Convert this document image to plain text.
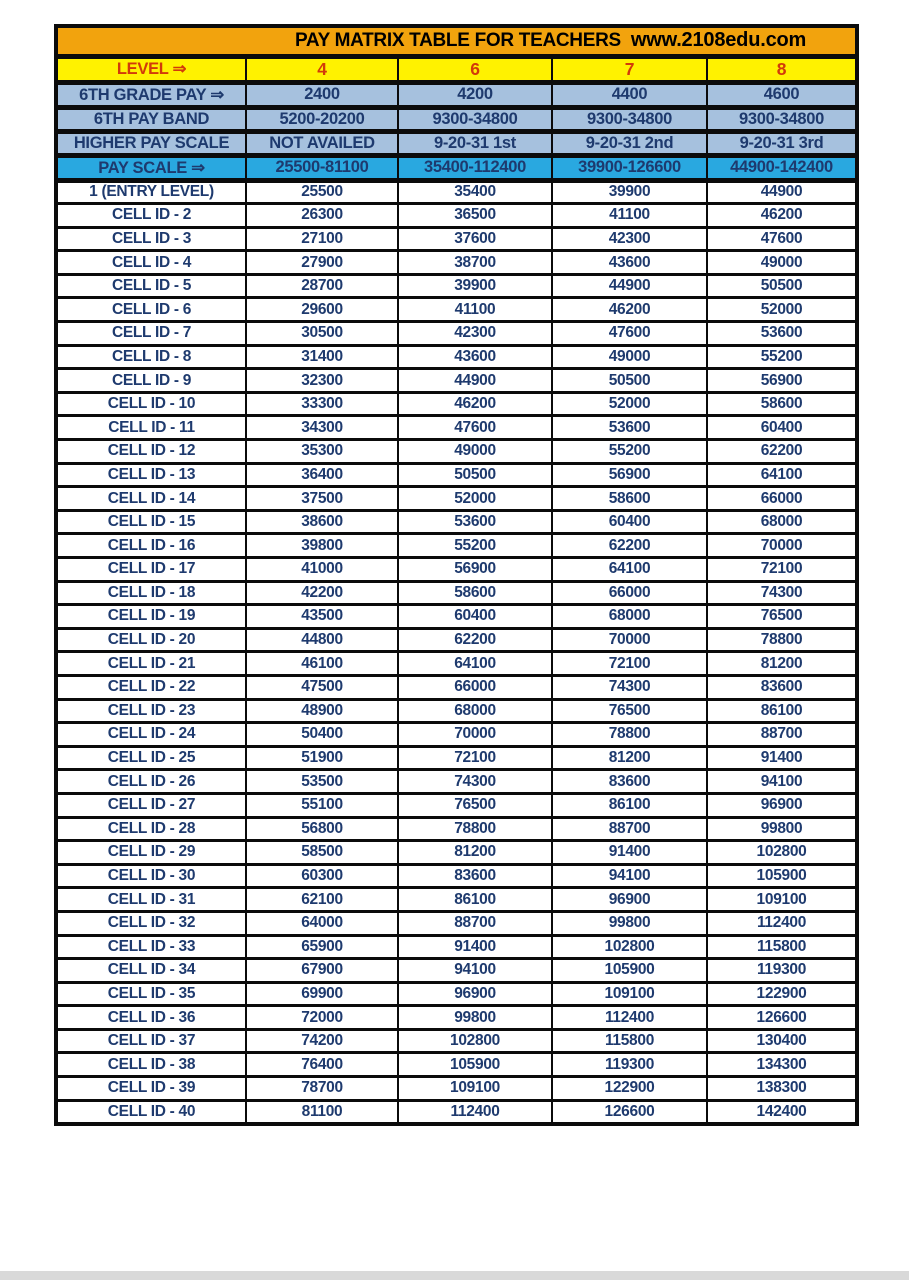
PAY MATRIX TABLE FOR TEACHERS www.2108edu.com				

LEVEL ⇒	4	6	7	8
6TH GRADE PAY ⇒	2400	4200	4400	4600
6TH PAY BAND	5200-20200	9300-34800	9300-34800	9300-34800
HIGHER PAY SCALE	NOT AVAILED	9-20-31 1st	9-20-31 2nd	9-20-31 3rd
PAY SCALE ⇒	25500-81100	35400-112400	39900-126600	44900-142400
1 (ENTRY LEVEL)	25500	35400	39900	44900
CELL ID - 2	26300	36500	41100	46200
CELL ID - 3	27100	37600	42300	47600
CELL ID - 4	27900	38700	43600	49000
CELL ID - 5	28700	39900	44900	50500
CELL ID - 6	29600	41100	46200	52000
CELL ID - 7	30500	42300	47600	53600
CELL ID - 8	31400	43600	49000	55200
CELL ID - 9	32300	44900	50500	56900
CELL ID - 10	33300	46200	52000	58600
CELL ID - 11	34300	47600	53600	60400
CELL ID - 12	35300	49000	55200	62200
CELL ID - 13	36400	50500	56900	64100
CELL ID - 14	37500	52000	58600	66000
CELL ID - 15	38600	53600	60400	68000
CELL ID - 16	39800	55200	62200	70000
CELL ID - 17	41000	56900	64100	72100
CELL ID - 18	42200	58600	66000	74300
CELL ID - 19	43500	60400	68000	76500
CELL ID - 20	44800	62200	70000	78800
CELL ID - 21	46100	64100	72100	81200
CELL ID - 22	47500	66000	74300	83600
CELL ID - 23	48900	68000	76500	86100
CELL ID - 24	50400	70000	78800	88700
CELL ID - 25	51900	72100	81200	91400
CELL ID - 26	53500	74300	83600	94100
CELL ID - 27	55100	76500	86100	96900
CELL ID - 28	56800	78800	88700	99800
CELL ID - 29	58500	81200	91400	102800
CELL ID - 30	60300	83600	94100	105900
CELL ID - 31	62100	86100	96900	109100
CELL ID - 32	64000	88700	99800	112400
CELL ID - 33	65900	91400	102800	115800
CELL ID - 34	67900	94100	105900	119300
CELL ID - 35	69900	96900	109100	122900
CELL ID - 36	72000	99800	112400	126600
CELL ID - 37	74200	102800	115800	130400
CELL ID - 38	76400	105900	119300	134300
CELL ID - 39	78700	109100	122900	138300
CELL ID - 40	81100	112400	126600	142400
